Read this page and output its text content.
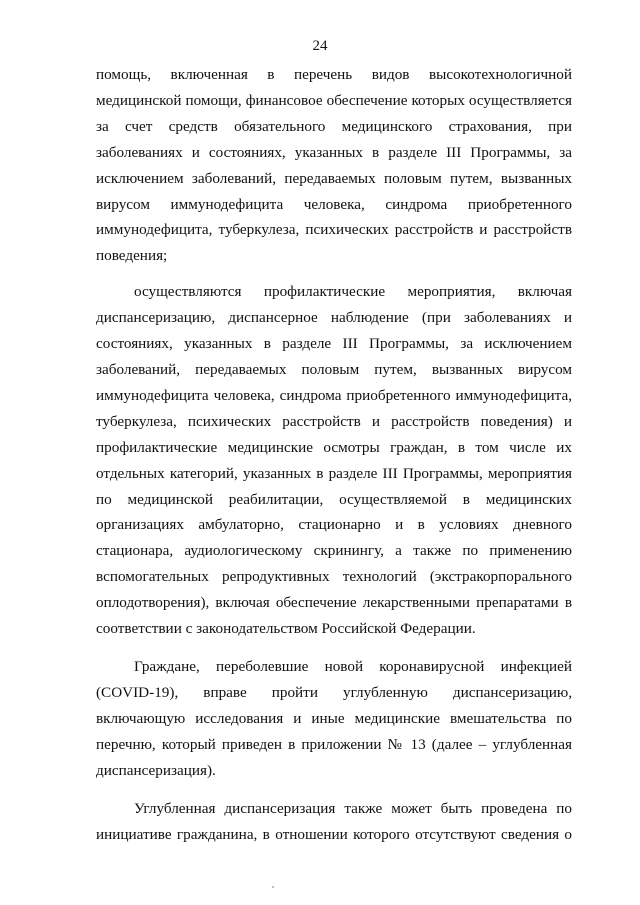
24

помощь, включенная в перечень видов высокотехнологичной
медицинской помощи, финансовое обеспечение которых осуществляется
за счет средств обязательного медицинского страхования, при
заболеваниях и состояниях, указанных в разделе III Программы, за
исключением заболеваний, передаваемых половым путем, вызванных
вирусом иммунодефицита человека, синдрома приобретенного
иммунодефицита, туберкулеза, психических расстройств и расстройств
поведения;

осуществляются профилактические мероприятия, включая
диспансеризацию, диспансерное наблюдение (при заболеваниях и
состояниях, указанных в разделе III Программы, за исключением
заболеваний, передаваемых половым путем, вызванных вирусом
иммунодефицита человека, синдрома приобретенного иммунодефицита,
туберкулеза, психических расстройств и расстройств поведения) и
профилактические медицинские осмотры граждан, в том числе их
отдельных категорий, указанных в разделе III Программы, мероприятия
по медицинской реабилитации, осуществляемой в медицинских
организациях амбулаторно, стационарно и в условиях дневного
стационара, аудиологическому скринингу, а также по применению
вспомогательных репродуктивных технологий (экстракорпорального
оплодотворения), включая обеспечение лекарственными препаратами в
соответствии с законодательством Российской Федерации.

Граждане, переболевшие новой коронавирусной инфекцией
(COVID-19), вправе пройти углубленную диспансеризацию,
включающую исследования и иные медицинские вмешательства по
перечню, который приведен в приложении № 13 (далее – углубленная
диспансеризация).

Углубленная диспансеризация также может быть проведена по
инициативе гражданина, в отношении которого отсутствуют сведения о
